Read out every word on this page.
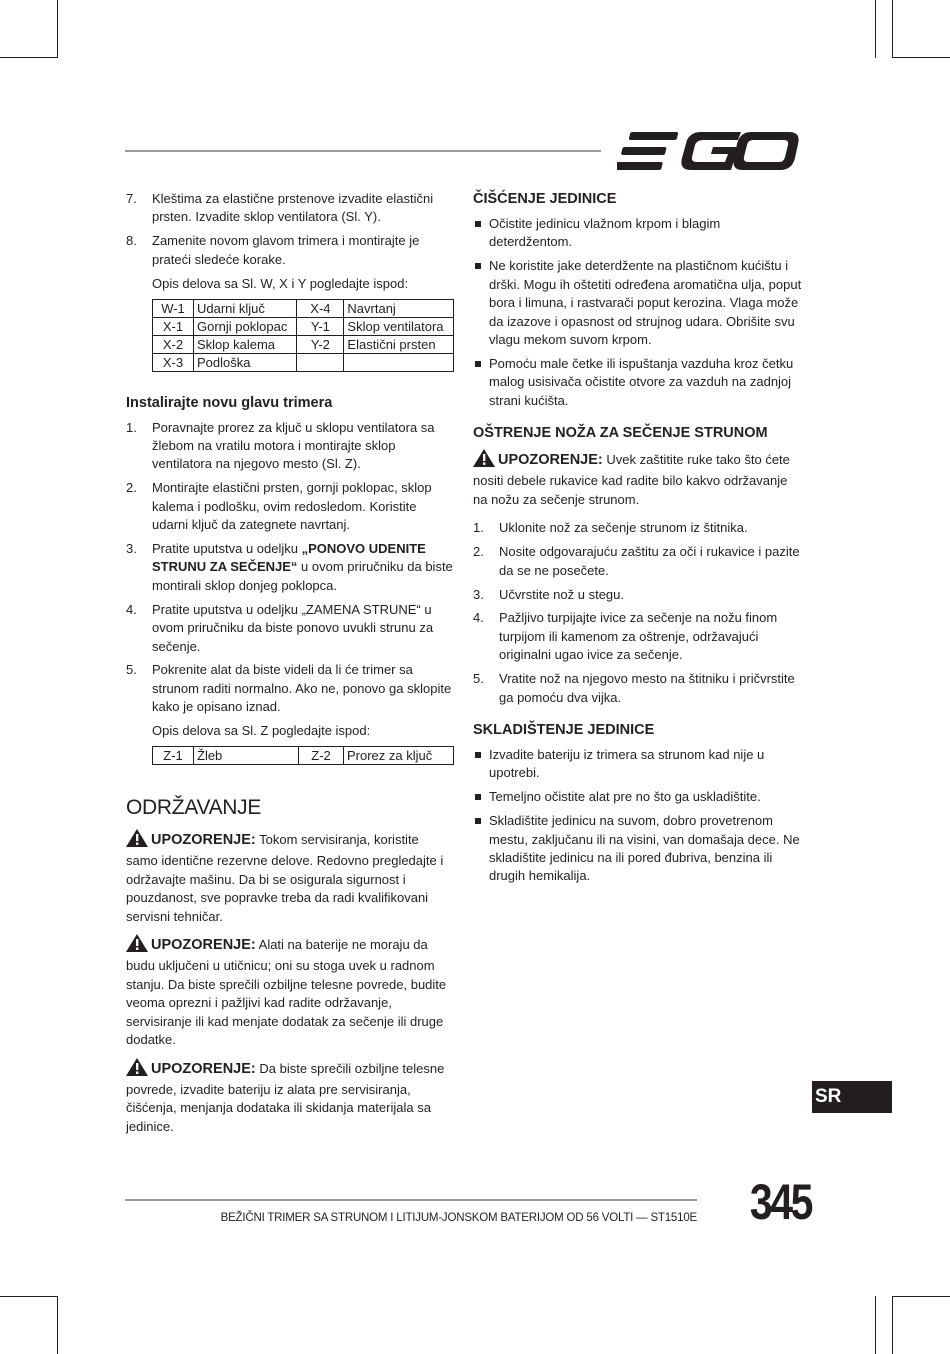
7. Kleštima za elastične prstenove izvadite elastični prsten. Izvadite sklop ventilatora (Sl. Y).
8. Zamenite novom glavom trimera i montirajte je prateći sledeće korake.

Opis delova sa Sl. W, X i Y pogledajte ispod:

W-1	Udarni ključ	X-4	Navrtanj
X-1	Gornji poklopac	Y-1	Sklop ventilatora
X-2	Sklop kalema	Y-2	Elastični prsten
X-3	Podloška		
Instalirajte novu glavu trimera
1. Poravnajte prorez za ključ u sklopu ventilatora sa žlebom na vratilu motora i montirajte sklop ventilatora na njegovo mesto (Sl. Z).
2. Montirajte elastični prsten, gornji poklopac, sklop kalema i podlošku, ovim redosledom. Koristite udarni ključ da zategnete navrtanj.
3. Pratite uputstva u odeljku „PONOVO UDENITE STRUNU ZA SEČENJE“ u ovom priručniku da biste montirali sklop donjeg poklopca.
4. Pratite uputstva u odeljku „ZAMENA STRUNE“ u ovom priručniku da biste ponovo uvukli strunu za sečenje.
5. Pokrenite alat da biste videli da li će trimer sa strunom raditi normalno. Ako ne, ponovo ga sklopite kako je opisano iznad.

Opis delova sa Sl. Z pogledajte ispod:

Z-1	Žleb	Z-2	Prorez za ključ
ODRŽAVANJE

UPOZORENJE: Tokom servisiranja, koristite samo identične rezervne delove. Redovno pregledajte i održavajte mašinu. Da bi se osigurala sigurnost i pouzdanost, sve popravke treba da radi kvalifikovani servisni tehničar.

UPOZORENJE: Alati na baterije ne moraju da budu uključeni u utičnicu; oni su stoga uvek u radnom stanju. Da biste sprečili ozbiljne telesne povrede, budite veoma oprezni i pažljivi kad radite održavanje, servisiranje ili kad menjate dodatak za sečenje ili druge dodatke.

UPOZORENJE: Da biste sprečili ozbiljne telesne povrede, izvadite bateriju iz alata pre servisiranja, čišćenja, menjanja dodataka ili skidanja materijala sa jedinice.

ČIŠĆENJE JEDINICE
Očistite jedinicu vlažnom krpom i blagim deterdžentom.
Ne koristite jake deterdžente na plastičnom kućištu i drški. Mogu ih oštetiti određena aromatična ulja, poput bora i limuna, i rastvarači poput kerozina. Vlaga može da izazove i opasnost od strujnog udara. Obrišite svu vlagu mekom suvom krpom.
Pomoću male četke ili ispuštanja vazduha kroz četku malog usisivača očistite otvore za vazduh na zadnjoj strani kućišta.
OŠTRENJE NOŽA ZA SEČENJE STRUNOM

UPOZORENJE: Uvek zaštitite ruke tako što ćete nositi debele rukavice kad radite bilo kakvo održavanje na nožu za sečenje strunom.

1. Uklonite nož za sečenje strunom iz štitnika.
2. Nosite odgovarajuću zaštitu za oči i rukavice i pazite da se ne posečete.
3. Učvrstite nož u stegu.
4. Pažljivo turpijajte ivice za sečenje na nožu finom turpijom ili kamenom za oštrenje, održavajući originalni ugao ivice za sečenje.
5. Vratite nož na njegovo mesto na štitniku i pričvrstite ga pomoću dva vijka.
SKLADIŠTENJE JEDINICE
Izvadite bateriju iz trimera sa strunom kad nije u upotrebi.
Temeljno očistite alat pre no što ga uskladištite.
Skladištite jedinicu na suvom, dobro provetrenom mestu, zaključanu ili na visini, van domašaja dece. Ne skladištite jedinicu na ili pored đubriva, benzina ili drugih hemikalija.
SR
BEŽIČNI TRIMER SA STRUNOM I LITIJUM-JONSKOM BATERIJOM OD 56 VOLTI — ST1510E 345
